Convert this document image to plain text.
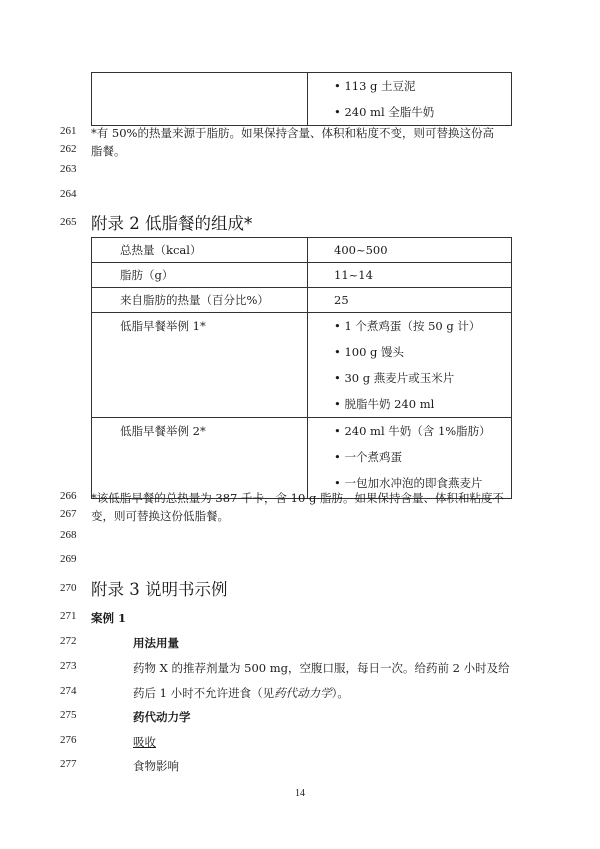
• 113 g 土豆泥
• 240 ml 全脂牛奶
261	*有 50%的热量来源于脂肪。如果保持含量、体积和粘度不变，则可替换这份高
262	脂餐。
263
264
265 附录 2 低脂餐的组成*
总热量（kcal）	400~500
脂肪（g）	11~14
来自脂肪的热量（百分比%）	25

低脂早餐举例 1*	• 1 个煮鸡蛋（按 50 g 计）
• 100 g 馒头
• 30 g 燕麦片或玉米片
• 脱脂牛奶 240 ml

低脂早餐举例 2*	• 240 ml 牛奶（含 1%脂肪）
• 一个煮鸡蛋
• 一包加水冲泡的即食燕麦片
266	*该低脂早餐的总热量为 387 千卡，含 10 g 脂肪。如果保持含量、体积和粘度不
267	变，则可替换这份低脂餐。
268
269
270 附录 3 说明书示例
271	案例 1
272	用法用量
273	药物 X 的推荐剂量为 500 mg，空腹口服，每日一次。给药前 2 小时及给
274	药后 1 小时不允许进食（见药代动力学）。
275	药代动力学
276	吸收
277	食物影响
14
